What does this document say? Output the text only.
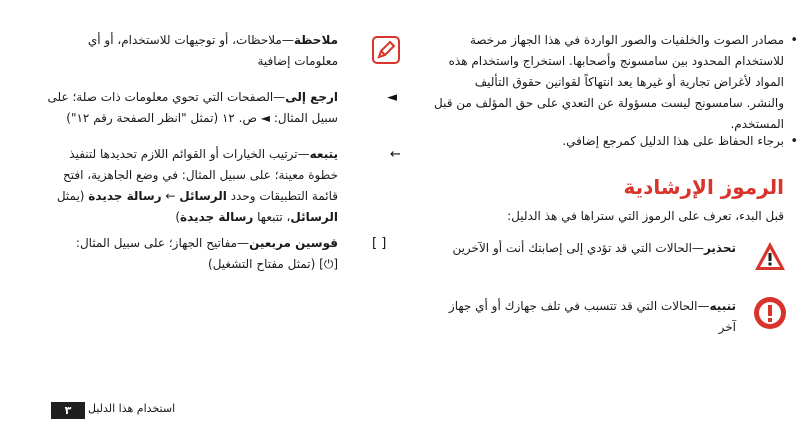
•
مصادر الصوت والخلفيات والصور الواردة في هذا الجهاز مرخصة للاستخدام المحدود بين سامسونج وأصحابها. استخراج واستخدام هذه المواد لأغراض تجارية أو غيرها يعد انتهاكاً لقوانين حقوق التأليف والنشر. سامسونج ليست مسؤولة عن التعدي على حق المؤلف من قبل المستخدم.
•
برجاء الحفاظ على هذا الدليل كمرجع إضافي.
الرموز الإرشادية
قبل البدء، تعرف على الرموز التي ستراها في هذ الدليل:
تحذير—الحالات التي قد تؤدي إلى إصابتك أنت أو الآخرين
تنبيه—الحالات التي قد تتسبب في تلف جهازك أو أي جهاز آخر
ملاحظة—ملاحظات، أو توجيهات للاستخدام، أو أي معلومات إضافية
◄
ارجع إلى—الصفحات التي تحوي معلومات ذات صلة؛ على سبيل المثال: ◄ ص. ١٢ (تمثل "انظر الصفحة رقم ١٢")
←
يتبعه—ترتيب الخيارات أو القوائم اللازم تحديدها لتنفيذ خطوة معينة؛ على سبيل المثال: في وضع الجاهزية، افتح قائمة التطبيقات وحدد الرسائل ← رسالة جديدة (يمثل الرسائل، تتبعها رسالة جديدة)
[ ]
قوسين مربعين—مفاتيح الجهاز؛ على سبيل المثال:
[⏻] (تمثل مفتاح التشغيل)
استخدام هذا الدليل
٣
